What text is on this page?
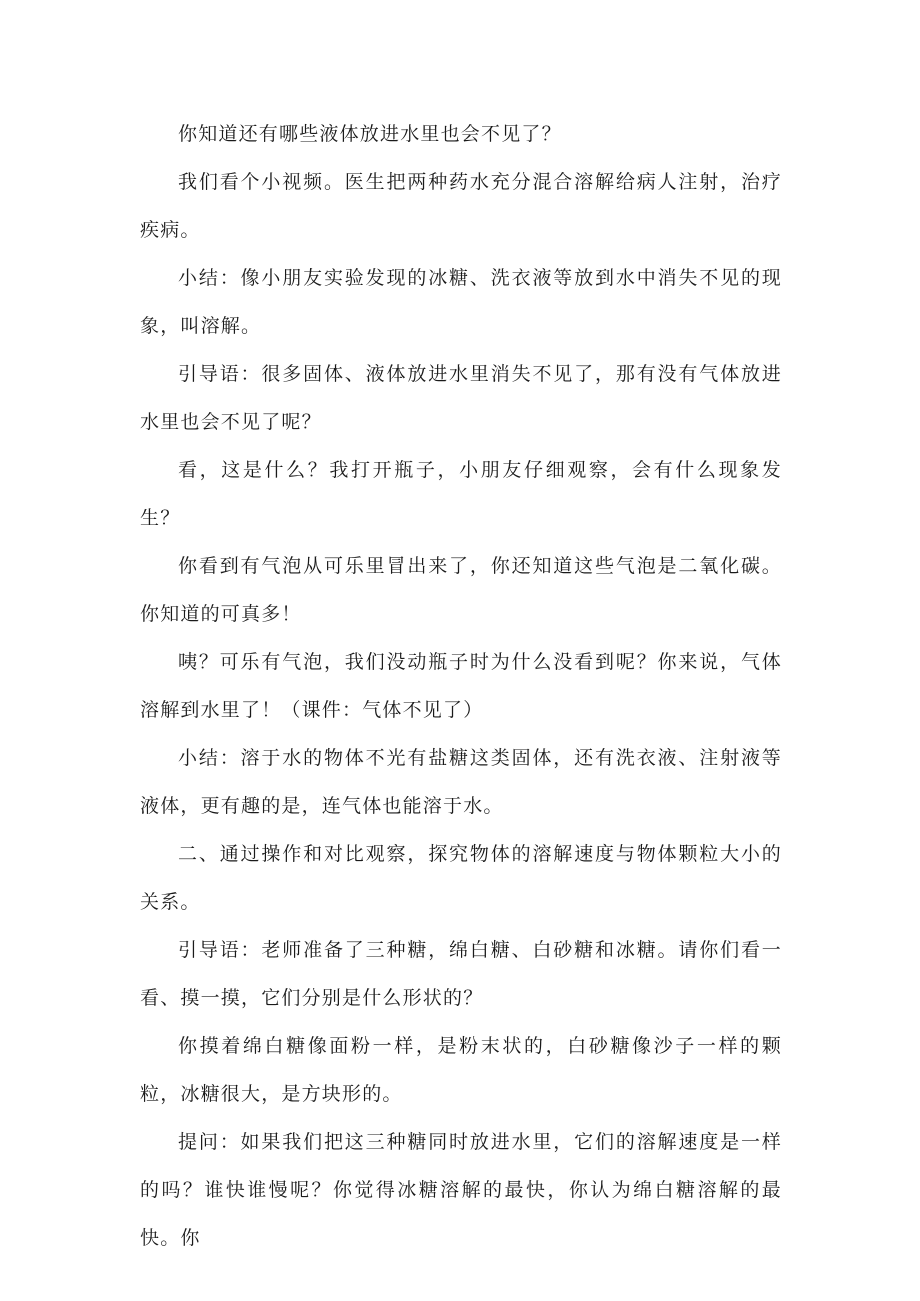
你知道还有哪些液体放进水里也会不见了？

我们看个小视频。医生把两种药水充分混合溶解给病人注射，治疗疾病。

小结：像小朋友实验发现的冰糖、洗衣液等放到水中消失不见的现象，叫溶解。

引导语：很多固体、液体放进水里消失不见了，那有没有气体放进水里也会不见了呢？

看，这是什么？我打开瓶子，小朋友仔细观察，会有什么现象发生？

你看到有气泡从可乐里冒出来了，你还知道这些气泡是二氧化碳。你知道的可真多！

咦？可乐有气泡，我们没动瓶子时为什么没看到呢？你来说，气体溶解到水里了！（课件：气体不见了）

小结：溶于水的物体不光有盐糖这类固体，还有洗衣液、注射液等液体，更有趣的是，连气体也能溶于水。

二、通过操作和对比观察，探究物体的溶解速度与物体颗粒大小的关系。

引导语：老师准备了三种糖，绵白糖、白砂糖和冰糖。请你们看一看、摸一摸，它们分别是什么形状的？

你摸着绵白糖像面粉一样，是粉末状的，白砂糖像沙子一样的颗粒，冰糖很大，是方块形的。

提问：如果我们把这三种糖同时放进水里，它们的溶解速度是一样的吗？谁快谁慢呢？你觉得冰糖溶解的最快，你认为绵白糖溶解的最快。你
